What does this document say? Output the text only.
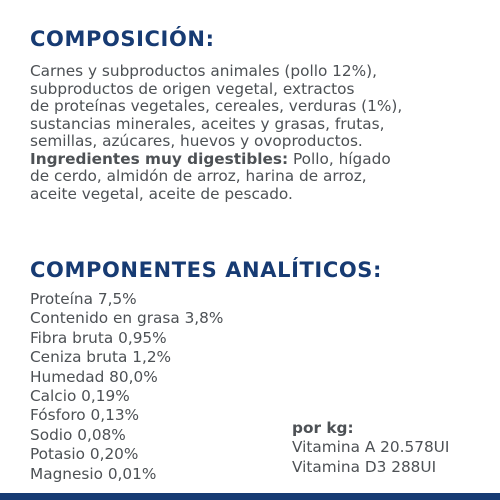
COMPOSICIÓN:
Carnes y subproductos animales (pollo 12%),
subproductos de origen vegetal, extractos
de proteínas vegetales, cereales, verduras (1%),
sustancias minerales, aceites y grasas, frutas,
semillas, azúcares, huevos y ovoproductos.
Ingredientes muy digestibles: Pollo, hígado
de cerdo, almidón de arroz, harina de arroz,
aceite vegetal, aceite de pescado.
COMPONENTES ANALÍTICOS:
Proteína 7,5%
Contenido en grasa 3,8%
Fibra bruta 0,95%
Ceniza bruta 1,2%
Humedad 80,0%
Calcio 0,19%
Fósforo 0,13%
Sodio 0,08%
Potasio 0,20%
Magnesio 0,01%
por kg:
Vitamina A 20.578UI
Vitamina D3 288UI
